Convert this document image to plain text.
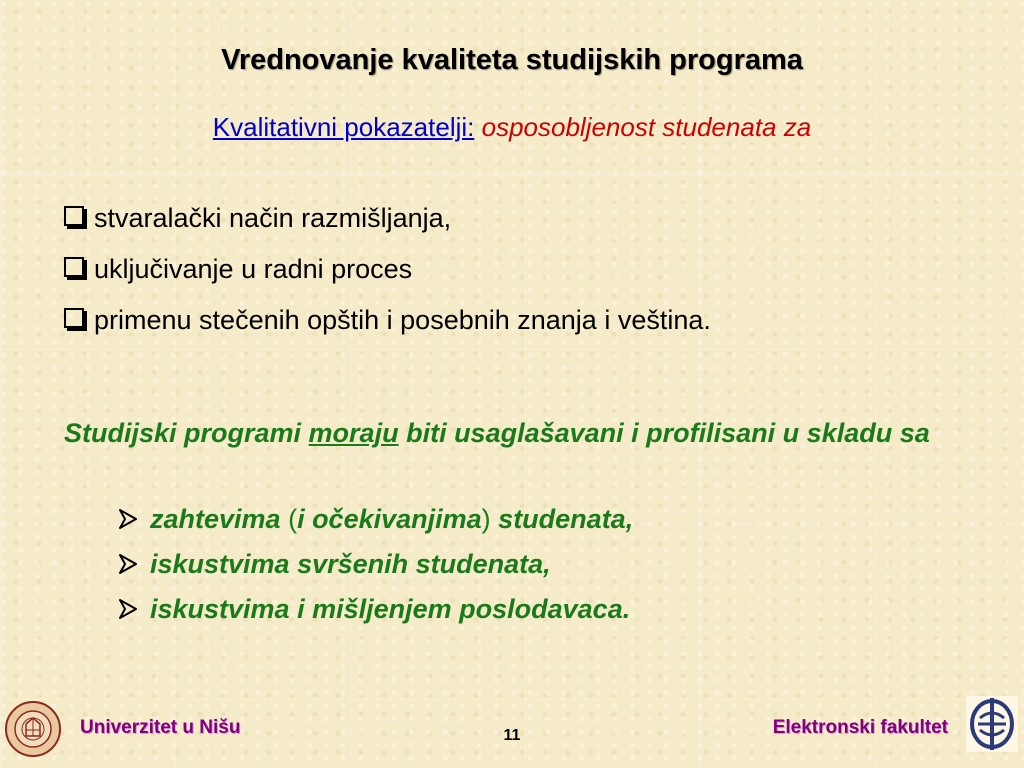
Vrednovanje kvaliteta studijskih programa
Kvalitativni pokazatelji: osposobljenost studenata za
stvaralački način razmišljanja,
uključivanje u radni proces
primenu stečenih opštih i posebnih znanja i veština.
Studijski programi moraju biti usaglašavani i profilisani u skladu sa
zahtevima (i očekivanjima) studenata,
iskustvima svršenih studenata,
iskustvima i mišljenjem poslodavaca.
Univerzitet u Nišu	11	Elektronski fakultet
